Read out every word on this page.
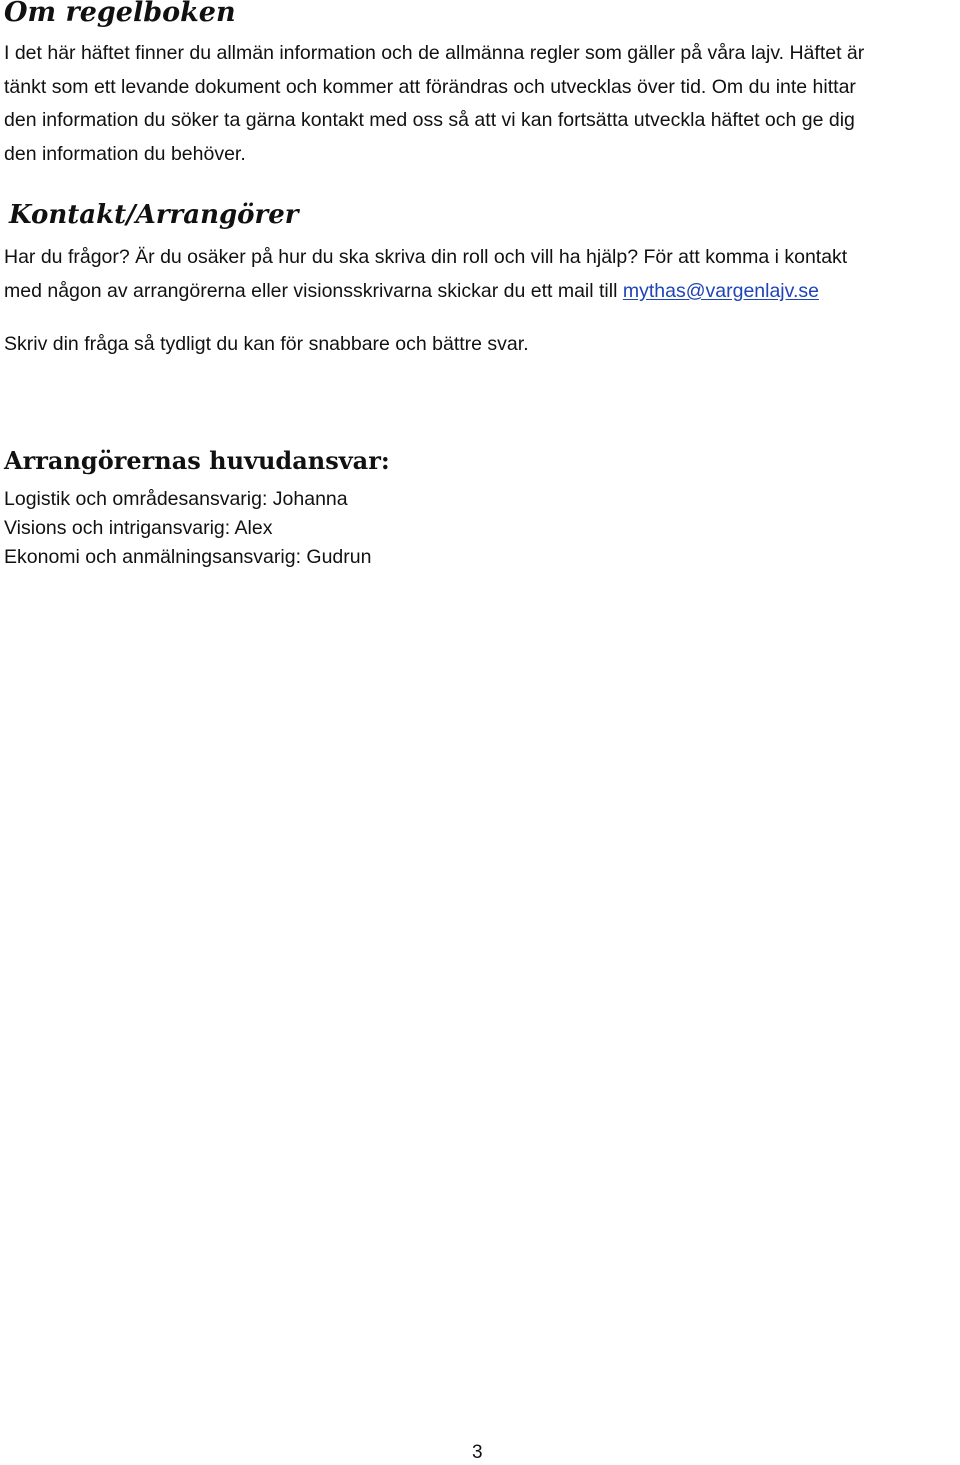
Om regelboken

I det här häftet finner du allmän information och de allmänna regler som gäller på våra lajv. Häftet är
tänkt som ett levande dokument och kommer att förändras och utvecklas över tid. Om du inte hittar
den information du söker ta gärna kontakt med oss så att vi kan fortsätta utveckla häftet och ge dig
den information du behöver.

Kontakt/Arrangörer

Har du frågor? Är du osäker på hur du ska skriva din roll och vill ha hjälp? För att komma i kontakt
med någon av arrangörerna eller visionsskrivarna skickar du ett mail till mythas@vargenlajv.se

Skriv din fråga så tydligt du kan för snabbare och bättre svar.

Arrangörernas huvudansvar:
Logistik och områdesansvarig: Johanna
Visions och intrigansvarig: Alex
Ekonomi och anmälningsansvarig: Gudrun
3
